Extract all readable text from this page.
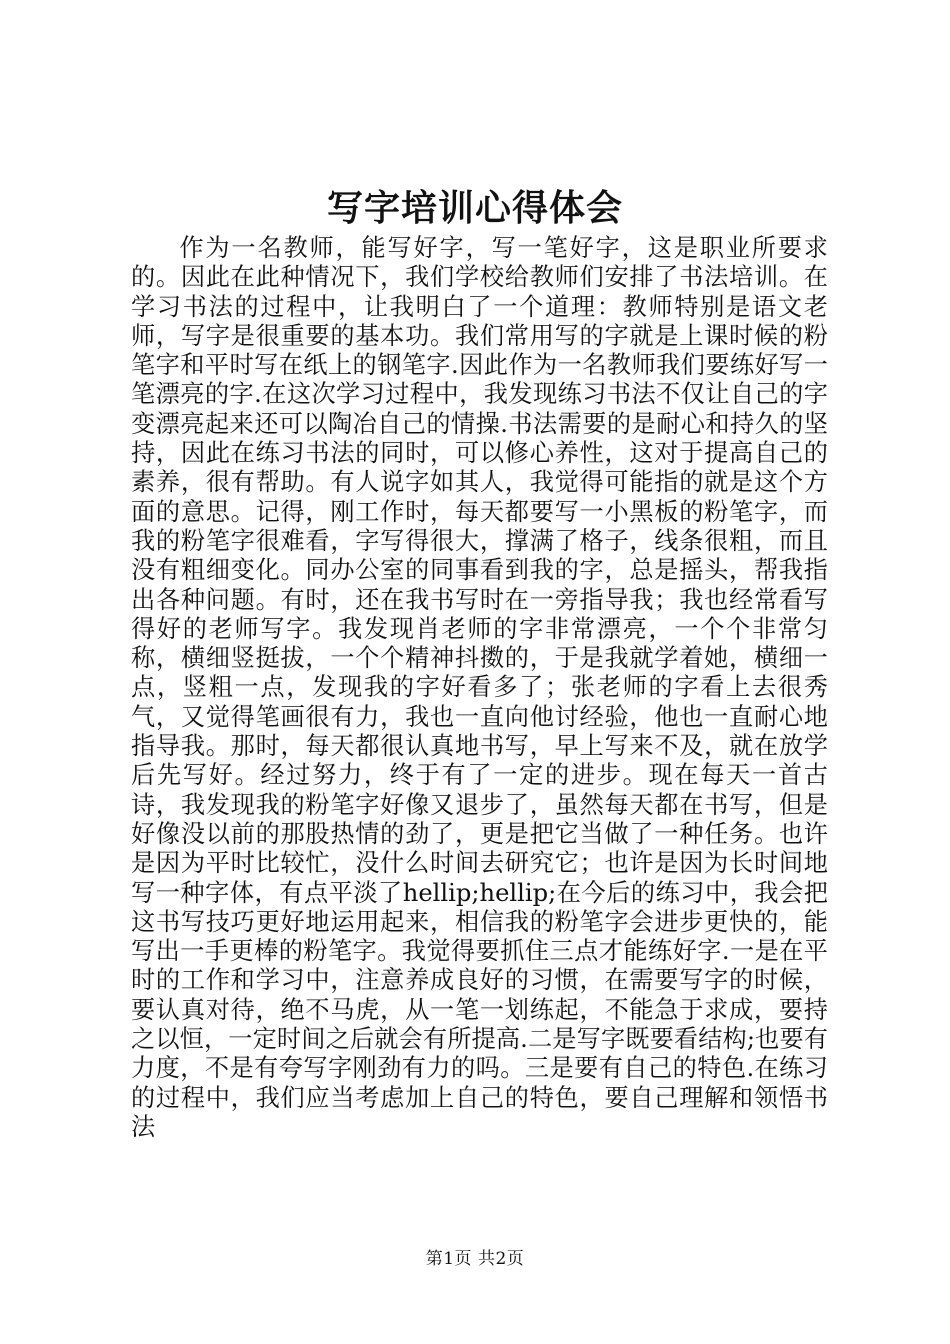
写字培训心得体会

作为一名教师，能写好字，写一笔好字，这是职业所要求的。因此在此种情况下，我们学校给教师们安排了书法培训。在学习书法的过程中，让我明白了一个道理：教师特别是语文老师，写字是很重要的基本功。我们常用写的字就是上课时候的粉笔字和平时写在纸上的钢笔字.因此作为一名教师我们要练好写一笔漂亮的字.在这次学习过程中，我发现练习书法不仅让自己的字变漂亮起来还可以陶冶自己的情操.书法需要的是耐心和持久的坚持，因此在练习书法的同时，可以修心养性，这对于提高自己的素养，很有帮助。有人说字如其人，我觉得可能指的就是这个方面的意思。记得，刚工作时，每天都要写一小黑板的粉笔字，而我的粉笔字很难看，字写得很大，撑满了格子，线条很粗，而且没有粗细变化。同办公室的同事看到我的字，总是摇头，帮我指出各种问题。有时，还在我书写时在一旁指导我；我也经常看写得好的老师写字。我发现肖老师的字非常漂亮，一个个非常匀称，横细竖挺拔，一个个精神抖擞的，于是我就学着她，横细一点，竖粗一点，发现我的字好看多了；张老师的字看上去很秀气，又觉得笔画很有力，我也一直向他讨经验，他也一直耐心地指导我。那时，每天都很认真地书写，早上写来不及，就在放学后先写好。经过努力，终于有了一定的进步。现在每天一首古诗，我发现我的粉笔字好像又退步了，虽然每天都在书写，但是好像没以前的那股热情的劲了，更是把它当做了一种任务。也许是因为平时比较忙，没什么时间去研究它；也许是因为长时间地写一种字体，有点平淡了hellip;hellip;在今后的练习中，我会把这书写技巧更好地运用起来，相信我的粉笔字会进步更快的，能写出一手更棒的粉笔字。我觉得要抓住三点才能练好字.一是在平时的工作和学习中，注意养成良好的习惯，在需要写字的时候，要认真对待，绝不马虎，从一笔一划练起，不能急于求成，要持之以恒，一定时间之后就会有所提高.二是写字既要看结构;也要有力度，不是有夸写字刚劲有力的吗。三是要有自己的特色.在练习的过程中，我们应当考虑加上自己的特色，要自己理解和领悟书法

第1页 共2页
